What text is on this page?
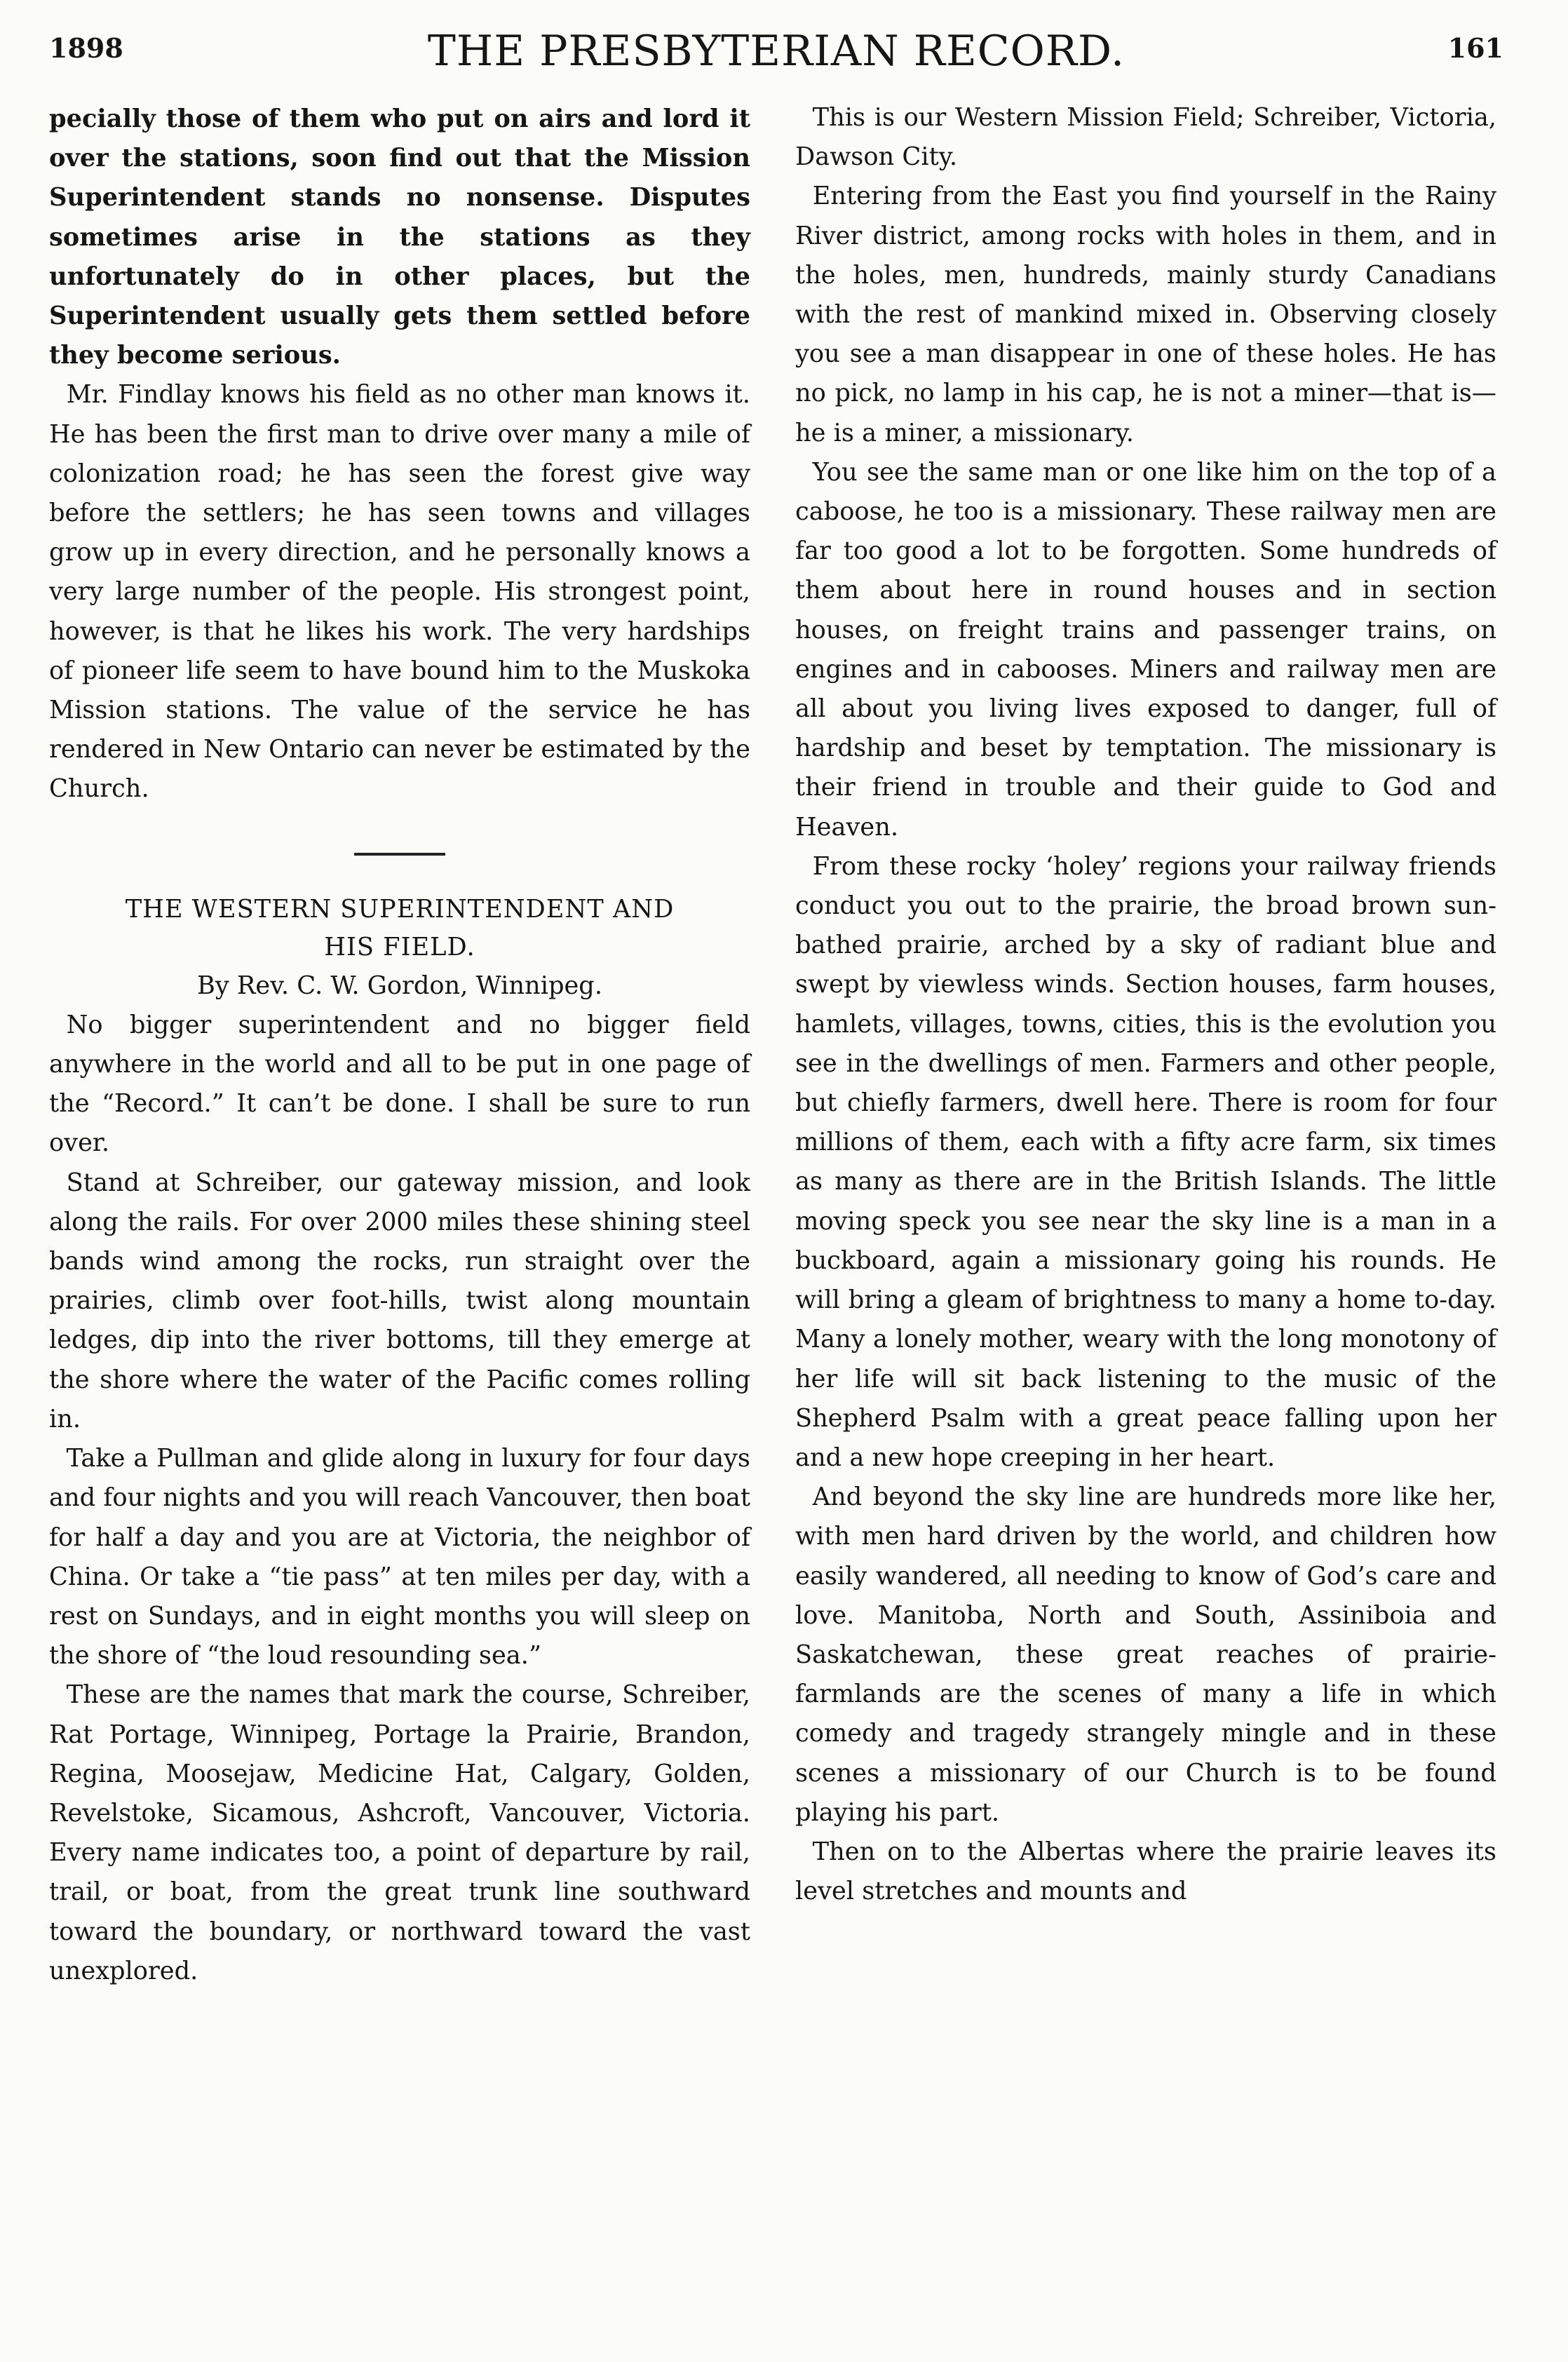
1898	THE PRESBYTERIAN RECORD.	161

pecially those of them who put on airs and lord it over the stations, soon find out that the Mission Superintendent stands no nonsense. Disputes sometimes arise in the stations as they unfortunately do in other places, but the Superintendent usually gets them settled before they become serious.

Mr. Findlay knows his field as no other man knows it. He has been the first man to drive over many a mile of colonization road; he has seen the forest give way before the settlers; he has seen towns and villages grow up in every direction, and he personally knows a very large number of the people. His strongest point, however, is that he likes his work. The very hardships of pioneer life seem to have bound him to the Muskoka Mission stations. The value of the service he has rendered in New Ontario can never be estimated by the Church.

THE WESTERN SUPERINTENDENT AND
HIS FIELD.

By Rev. C. W. Gordon, Winnipeg.

No bigger superintendent and no bigger field anywhere in the world and all to be put in one page of the “Record.” It can’t be done. I shall be sure to run over.

Stand at Schreiber, our gateway mission, and look along the rails. For over 2000 miles these shining steel bands wind among the rocks, run straight over the prairies, climb over foot-hills, twist along mountain ledges, dip into the river bottoms, till they emerge at the shore where the water of the Pacific comes rolling in.

Take a Pullman and glide along in luxury for four days and four nights and you will reach Vancouver, then boat for half a day and you are at Victoria, the neighbor of China. Or take a “tie pass” at ten miles per day, with a rest on Sundays, and in eight months you will sleep on the shore of “the loud resounding sea.”

These are the names that mark the course, Schreiber, Rat Portage, Winnipeg, Portage la Prairie, Brandon, Regina, Moosejaw, Medicine Hat, Calgary, Golden, Revelstoke, Sicamous, Ashcroft, Vancouver, Victoria. Every name indicates too, a point of departure by rail, trail, or boat, from the great trunk line southward toward the boundary, or northward toward the vast unexplored.

This is our Western Mission Field; Schreiber, Victoria, Dawson City.

Entering from the East you find yourself in the Rainy River district, among rocks with holes in them, and in the holes, men, hundreds, mainly sturdy Canadians with the rest of mankind mixed in. Observing closely you see a man disappear in one of these holes. He has no pick, no lamp in his cap, he is not a miner—that is—he is a miner, a missionary.

You see the same man or one like him on the top of a caboose, he too is a missionary. These railway men are far too good a lot to be forgotten. Some hundreds of them about here in round houses and in section houses, on freight trains and passenger trains, on engines and in cabooses. Miners and railway men are all about you living lives exposed to danger, full of hardship and beset by temptation. The missionary is their friend in trouble and their guide to God and Heaven.

From these rocky ‘holey’ regions your railway friends conduct you out to the prairie, the broad brown sun-bathed prairie, arched by a sky of radiant blue and swept by viewless winds. Section houses, farm houses, hamlets, villages, towns, cities, this is the evolution you see in the dwellings of men. Farmers and other people, but chiefly farmers, dwell here. There is room for four millions of them, each with a fifty acre farm, six times as many as there are in the British Islands. The little moving speck you see near the sky line is a man in a buckboard, again a missionary going his rounds. He will bring a gleam of brightness to many a home to-day. Many a lonely mother, weary with the long monotony of her life will sit back listening to the music of the Shepherd Psalm with a great peace falling upon her and a new hope creeping in her heart.

And beyond the sky line are hundreds more like her, with men hard driven by the world, and children how easily wandered, all needing to know of God’s care and love. Manitoba, North and South, Assiniboia and Saskatchewan, these great reaches of prairie-farmlands are the scenes of many a life in which comedy and tragedy strangely mingle and in these scenes a missionary of our Church is to be found playing his part.

Then on to the Albertas where the prairie leaves its level stretches and mounts and
